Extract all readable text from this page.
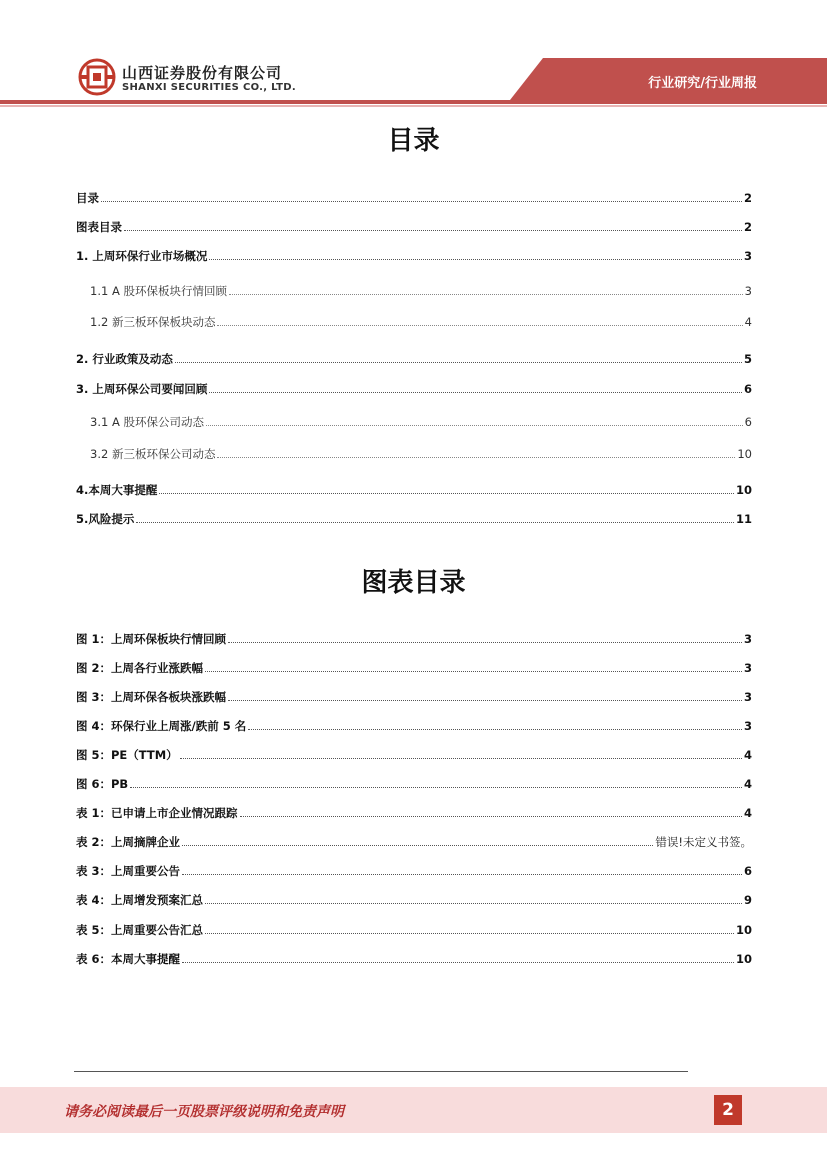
山西证券股份有限公司
SHANXI SECURITIES CO., LTD.	行业研究/行业周报
目录
目录	2
图表目录	2
1. 上周环保行业市场概况	3
1.1 A 股环保板块行情回顾	3
1.2 新三板环保板块动态	4
2. 行业政策及动态	5
3. 上周环保公司要闻回顾	6
3.1 A 股环保公司动态	6
3.2 新三板环保公司动态	10
4.本周大事提醒	10
5.风险提示	11
图表目录
图 1：上周环保板块行情回顾	3
图 2：上周各行业涨跌幅	3
图 3：上周环保各板块涨跌幅	3
图 4：环保行业上周涨/跌前 5 名	3
图 5：PE（TTM）	4
图 6：PB	4
表 1：已申请上市企业情况跟踪	4
表 2：上周摘牌企业	错误!未定义书签。
表 3：上周重要公告	6
表 4：上周增发预案汇总	9
表 5：上周重要公告汇总	10
表 6：本周大事提醒	10
请务必阅读最后一页股票评级说明和免责声明	2
